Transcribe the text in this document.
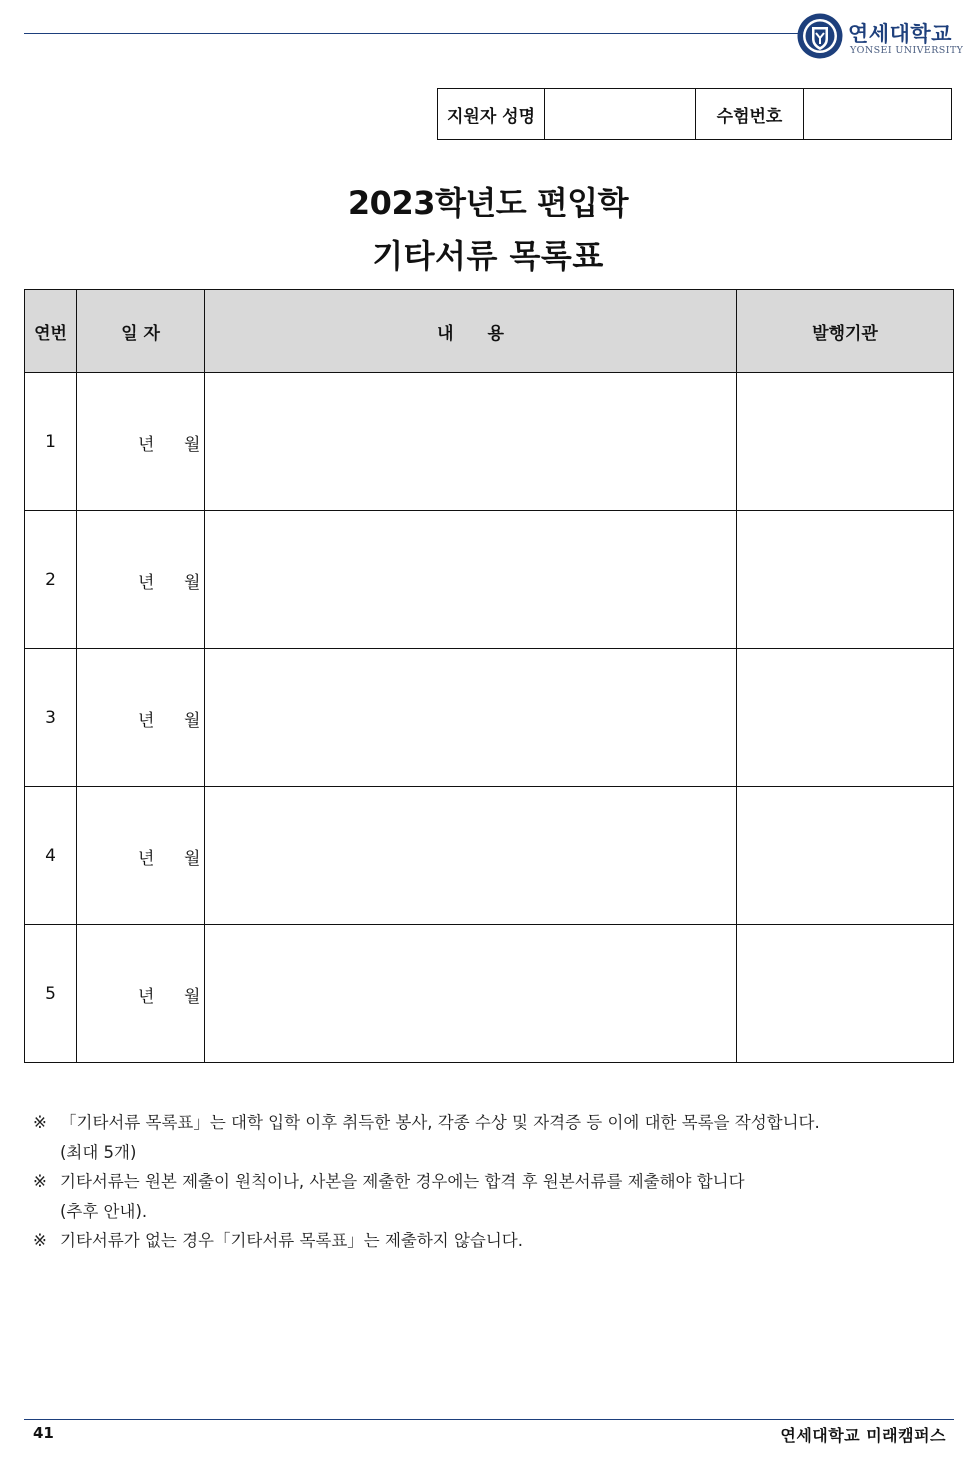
연세대학교
YONSEI UNIVERSITY
지원자 성명		수험번호	
2023학년도 편입학
기타서류 목록표
연번	일 자	내　　용	발행기관
1	년 월		

2	년 월		

3	년 월		

4	년 월		

5	년 월		

※ 「기타서류 목록표」는 대학 입학 이후 취득한 봉사, 각종 수상 및 자격증 등 이에 대한 목록을 작성합니다.
(최대 5개)
※ 기타서류는 원본 제출이 원칙이나, 사본을 제출한 경우에는 합격 후 원본서류를 제출해야 합니다
(추후 안내).
※ 기타서류가 없는 경우「기타서류 목록표」는 제출하지 않습니다.
41	연세대학교 미래캠퍼스
